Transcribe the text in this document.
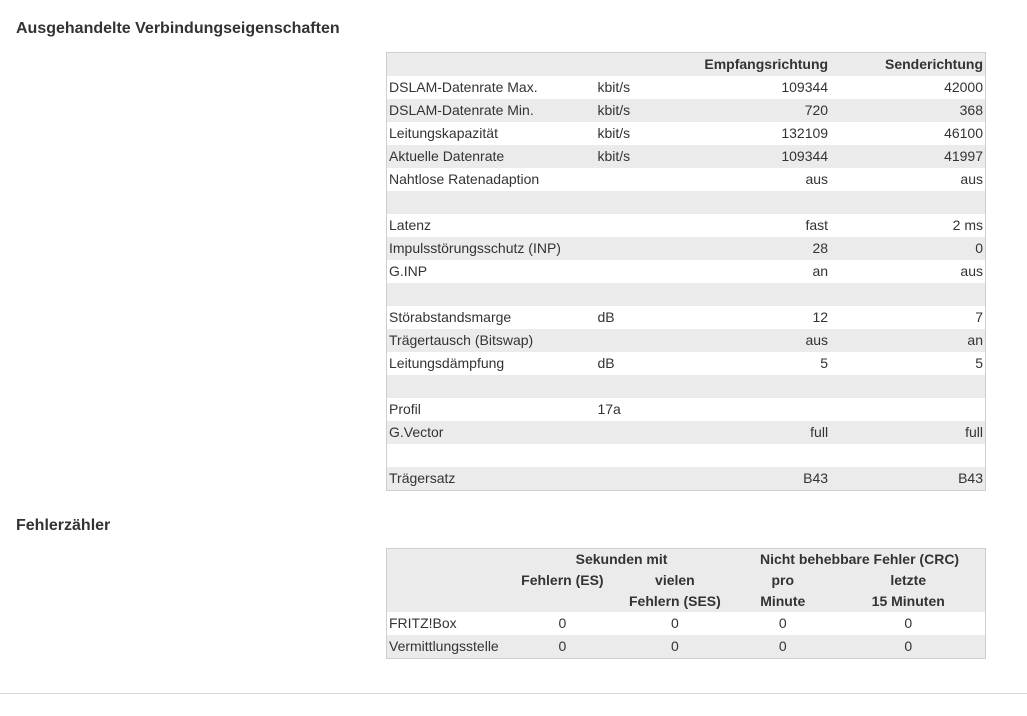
Ausgehandelte Verbindungseigenschaften
		Empfangsrichtung	Senderichtung
DSLAM-Datenrate Max.	kbit/s	109344	42000
DSLAM-Datenrate Min.	kbit/s	720	368
Leitungskapazität	kbit/s	132109	46100
Aktuelle Datenrate	kbit/s	109344	41997
Nahtlose Ratenadaption		aus	aus

Latenz		fast	2 ms
Impulsstörungsschutz (INP)		28	0
G.INP		an	aus

Störabstandsmarge	dB	12	7
Trägertausch (Bitswap)		aus	an
Leitungsdämpfung	dB	5	5

Profil	17a		
G.Vector		full	full

Trägersatz		B43	B43
Fehlerzähler
	Sekunden mit		Nicht behebbare Fehler (CRC)	
	Fehlern (ES)	vielen	pro	letzte
		Fehlern (SES)	Minute	15 Minuten
FRITZ!Box	0	0	0	0
Vermittlungsstelle	0	0	0	0
